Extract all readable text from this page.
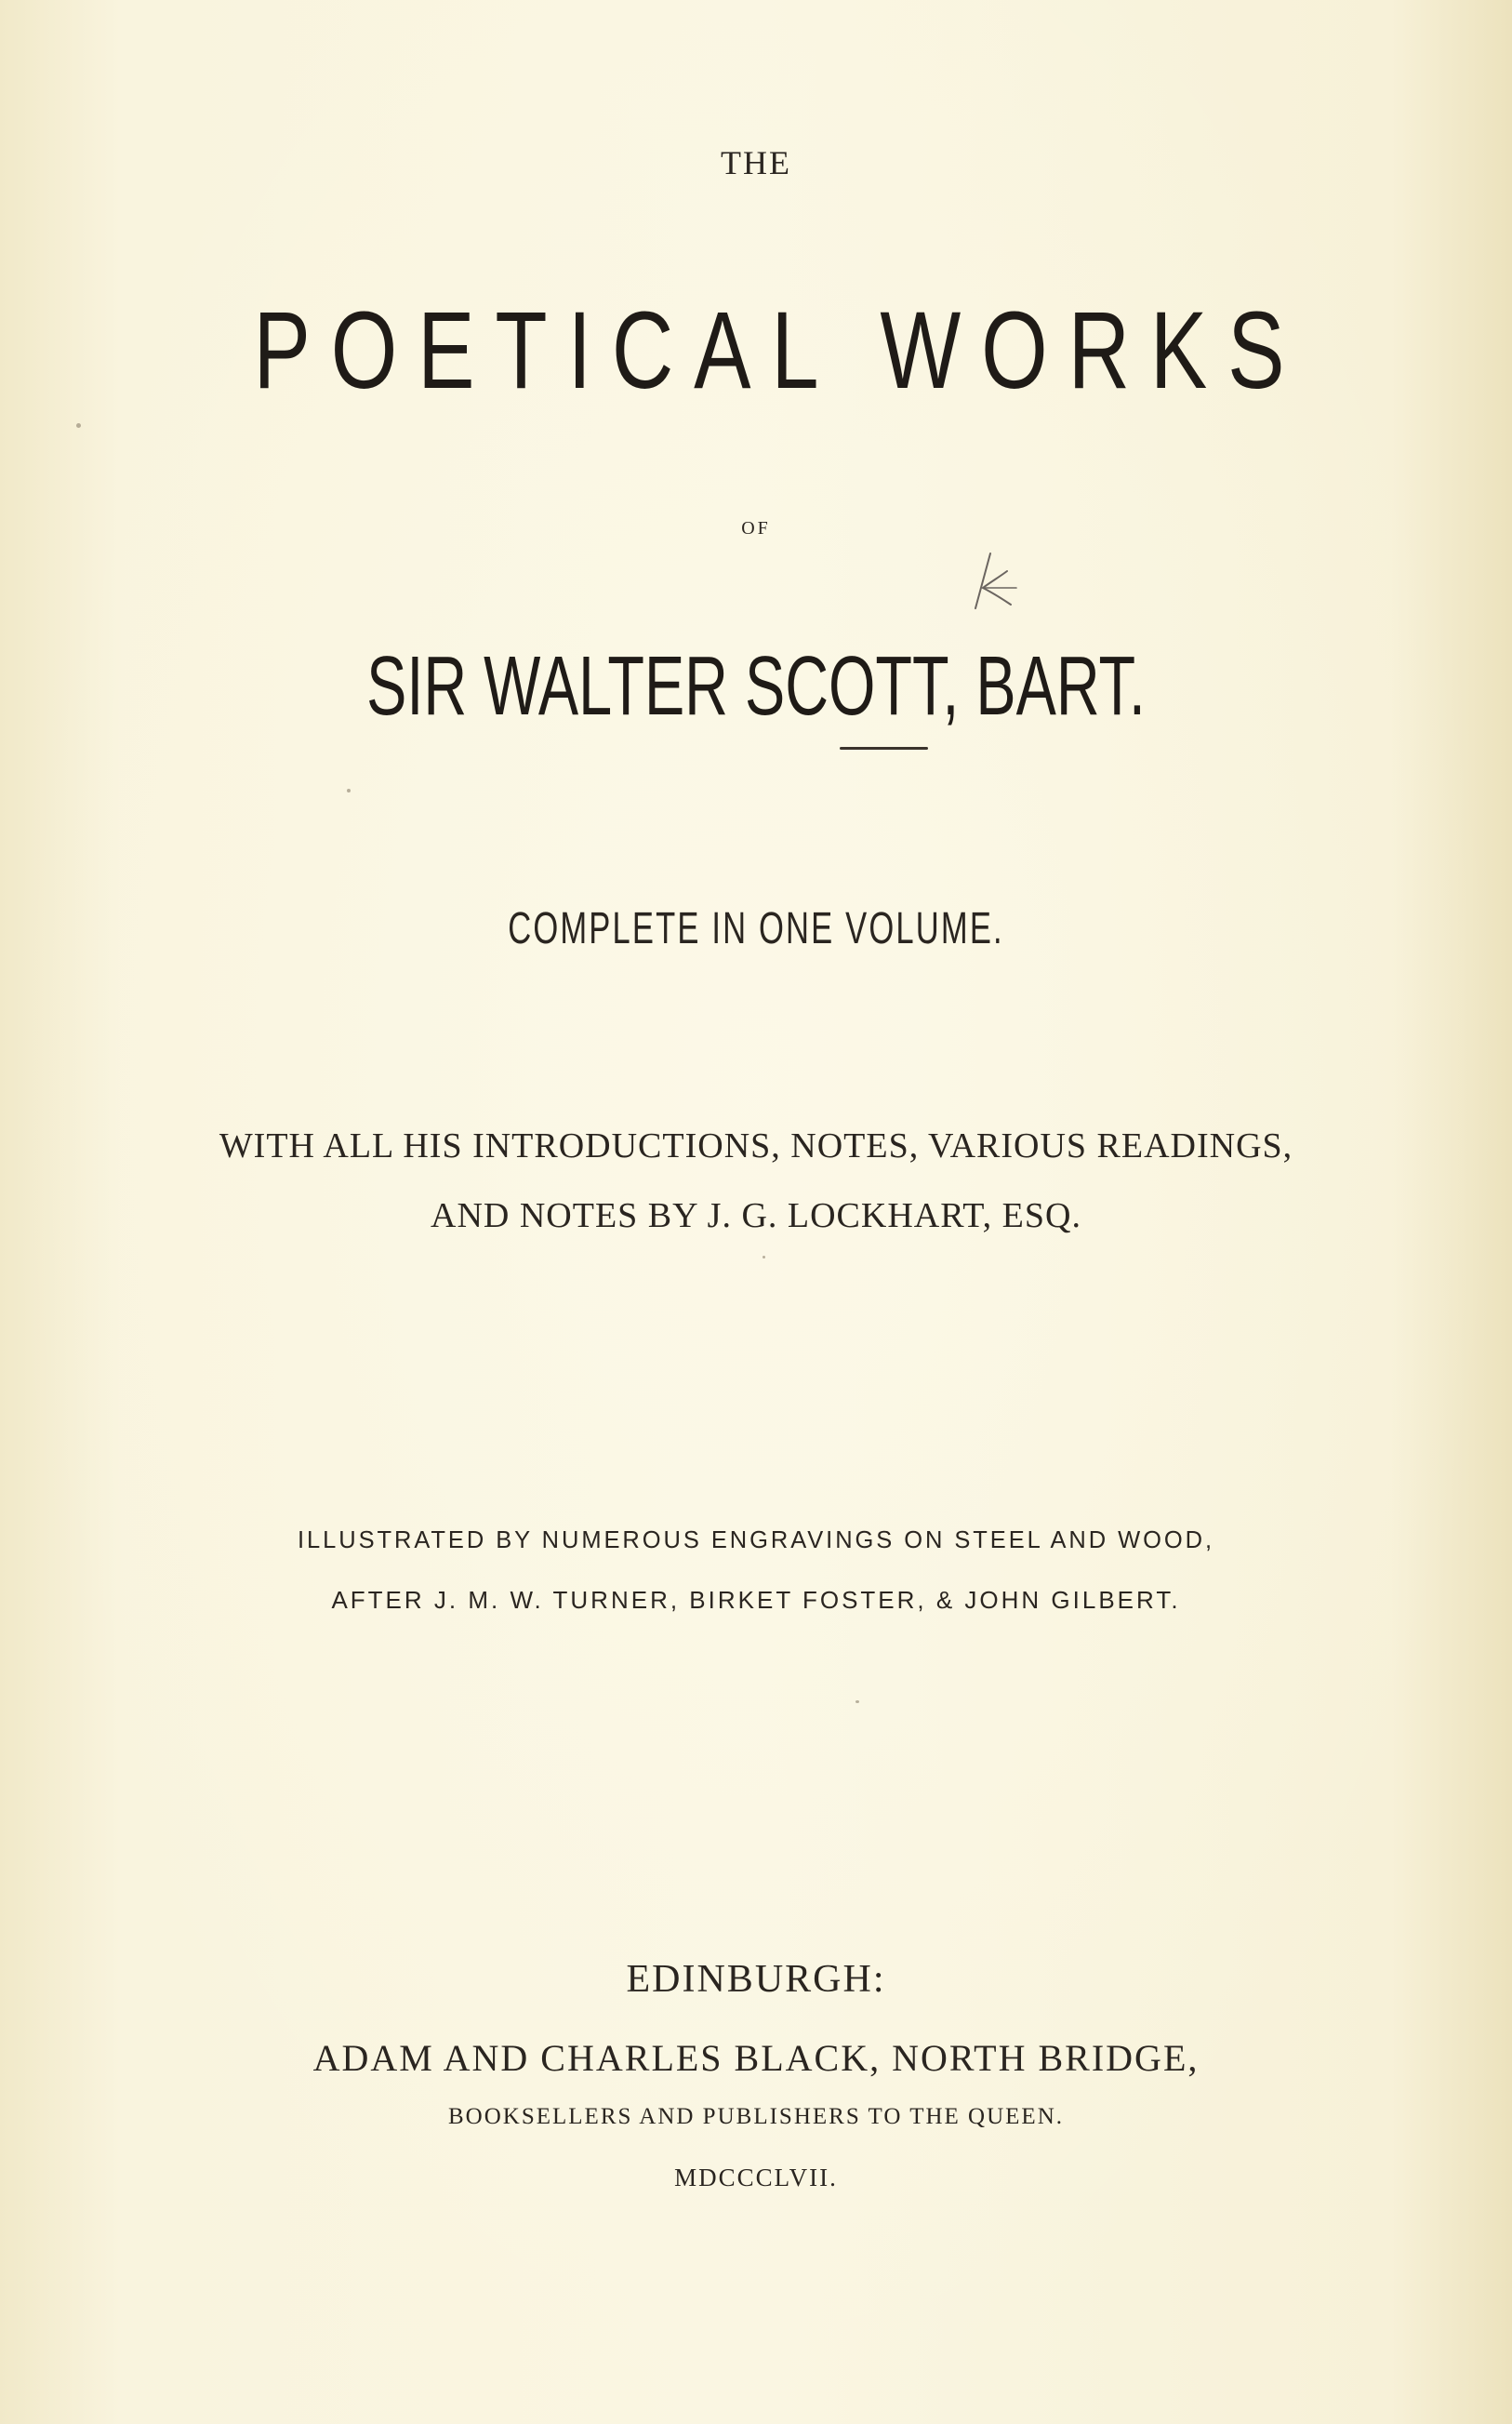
THE
POETICAL WORKS
OF
SIR WALTER SCOTT, BART.
COMPLETE IN ONE VOLUME.
WITH ALL HIS INTRODUCTIONS, NOTES, VARIOUS READINGS,
AND NOTES BY J. G. LOCKHART, ESQ.
ILLUSTRATED BY NUMEROUS ENGRAVINGS ON STEEL AND WOOD,
AFTER J. M. W. TURNER, BIRKET FOSTER, & JOHN GILBERT.
EDINBURGH:
ADAM AND CHARLES BLACK, NORTH BRIDGE,
BOOKSELLERS AND PUBLISHERS TO THE QUEEN.
MDCCCLVII.
